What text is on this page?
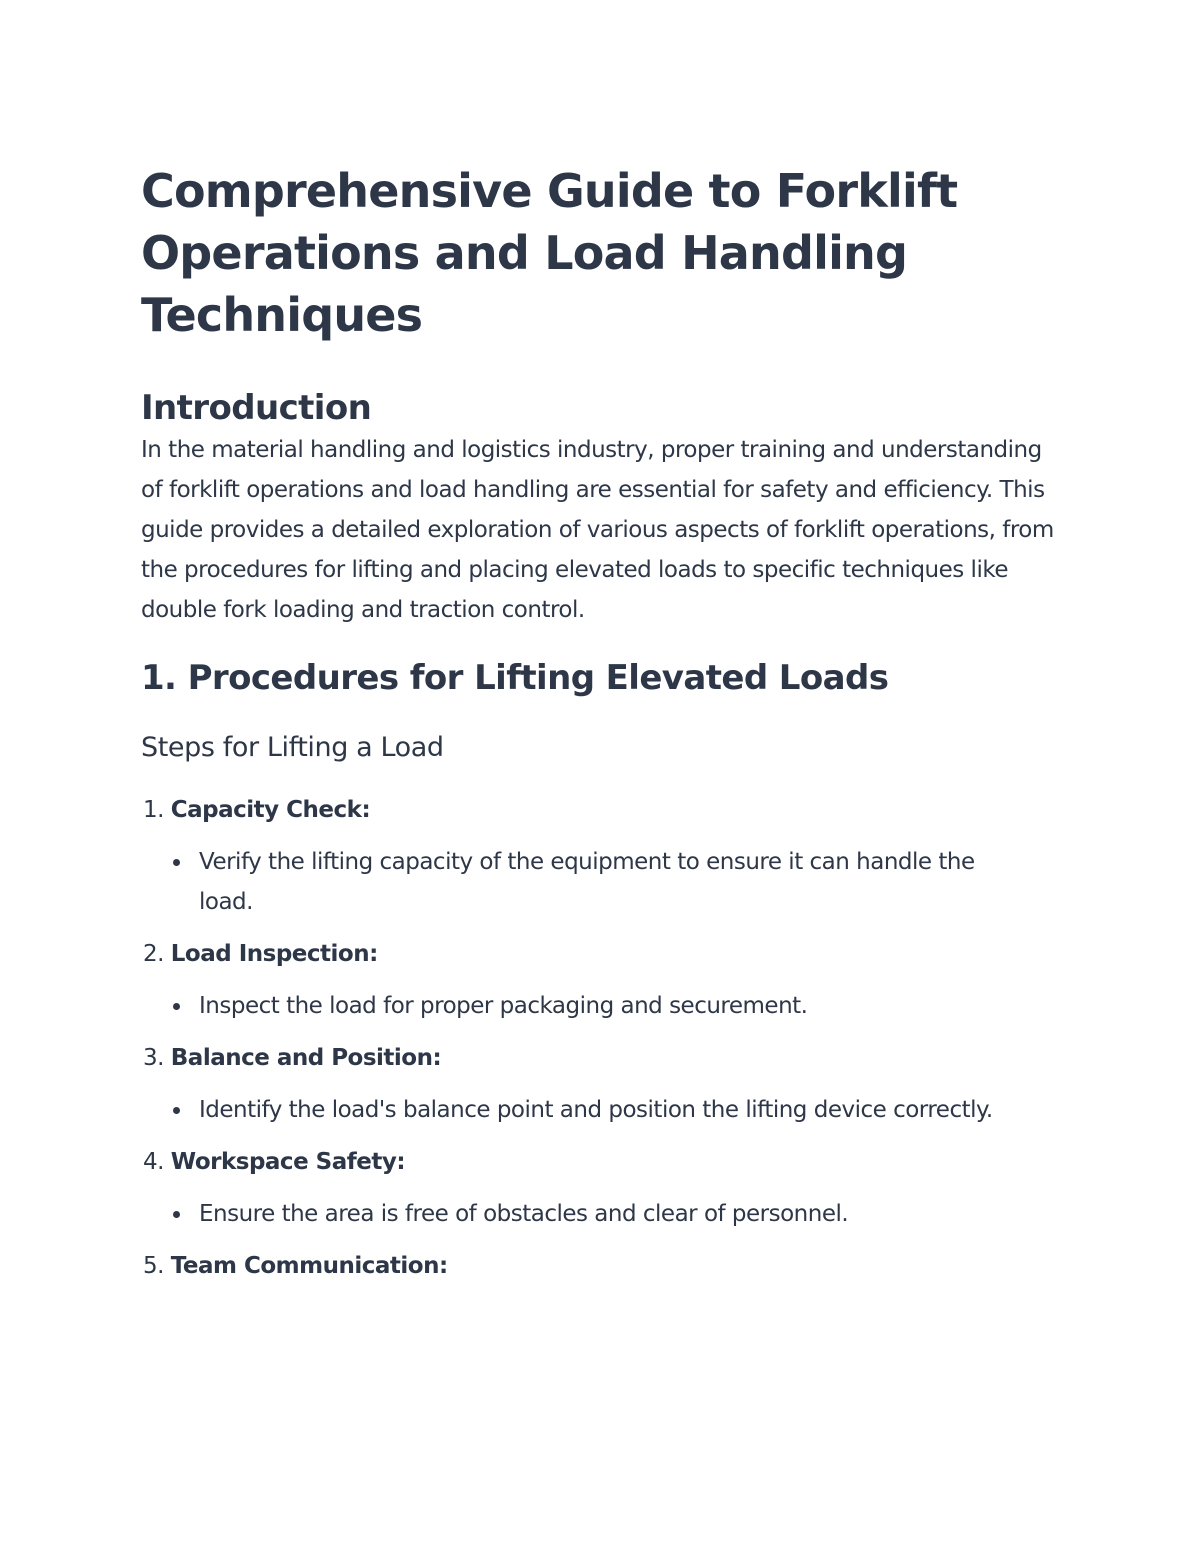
Comprehensive Guide to Forklift Operations and Load Handling Techniques
Introduction

In the material handling and logistics industry, proper training and understanding of forklift operations and load handling are essential for safety and efficiency. This guide provides a detailed exploration of various aspects of forklift operations, from the procedures for lifting and placing elevated loads to specific techniques like double fork loading and traction control.

1. Procedures for Lifting Elevated Loads
Steps for Lifting a Load
1. Capacity Check:
Verify the lifting capacity of the equipment to ensure it can handle the load.
2. Load Inspection:
Inspect the load for proper packaging and securement.
3. Balance and Position:
Identify the load's balance point and position the lifting device correctly.
4. Workspace Safety:
Ensure the area is free of obstacles and clear of personnel.
5. Team Communication:
